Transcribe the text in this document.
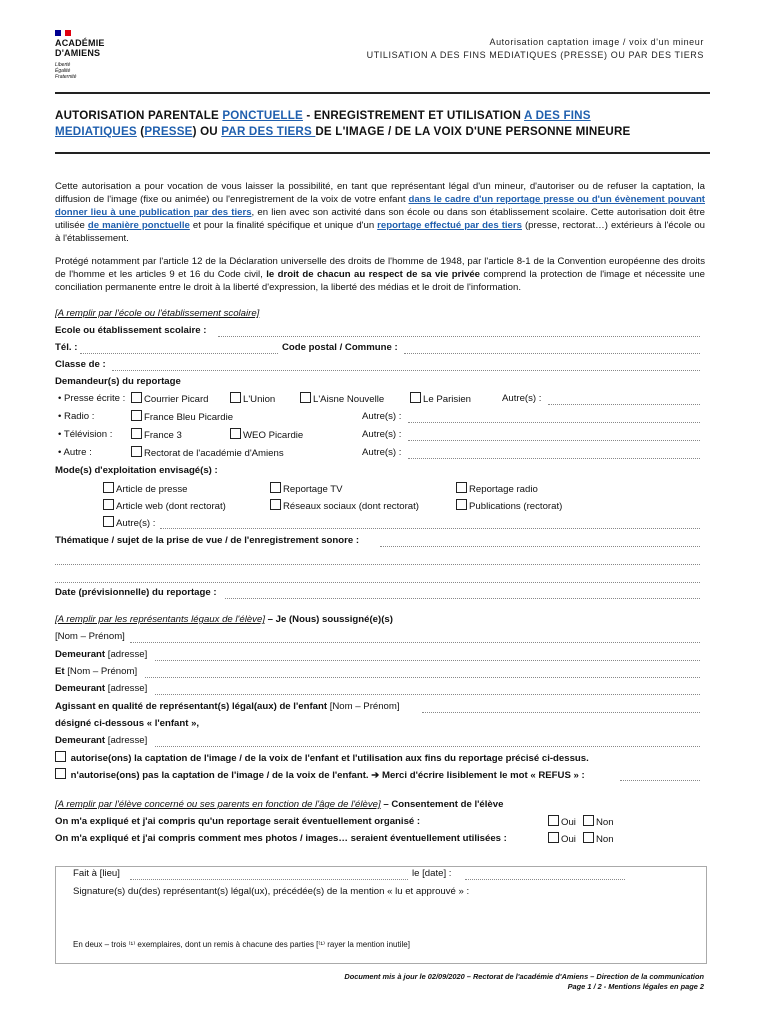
ACADÉMIE
D'AMIENS
Liberté
Égalité
Fraternité
Autorisation captation image / voix d'un mineur
UTILISATION A DES FINS MEDIATIQUES (PRESSE) OU PAR DES TIERS
AUTORISATION PARENTALE PONCTUELLE - ENREGISTREMENT ET UTILISATION A DES FINS
MEDIATIQUES (PRESSE) OU PAR DES TIERS DE L'IMAGE / DE LA VOIX D'UNE PERSONNE MINEURE
Cette autorisation a pour vocation de vous laisser la possibilité, en tant que représentant légal d'un mineur, d'autoriser ou de refuser la captation, la diffusion de l'image (fixe ou animée) ou l'enregistrement de la voix de votre enfant dans le cadre d'un reportage presse ou d'un évènement pouvant donner lieu à une publication par des tiers, en lien avec son activité dans son école ou dans son établissement scolaire. Cette autorisation doit être utilisée de manière ponctuelle et pour la finalité spécifique et unique d'un reportage effectué par des tiers (presse, rectorat…) extérieurs à l'école ou à l'établissement.
Protégé notamment par l'article 12 de la Déclaration universelle des droits de l'homme de 1948, par l'article 8-1 de la Convention européenne des droits de l'homme et les articles 9 et 16 du Code civil, le droit de chacun au respect de sa vie privée comprend la protection de l'image et nécessite une conciliation permanente entre le droit à la liberté d'expression, la liberté des médias et le droit de l'information.
[A remplir par l'école ou l'établissement scolaire]
Ecole ou établissement scolaire :
Tél. :	Code postal / Commune :
Classe de :
Demandeur(s) du reportage
• Presse écrite :	Courrier Picard	L'Union	L'Aisne Nouvelle	Le Parisien	Autre(s) :
• Radio :	France Bleu Picardie	Autre(s) :
• Télévision :	France 3	WEO Picardie	Autre(s) :
• Autre :	Rectorat de l'académie d'Amiens	Autre(s) :
Mode(s) d'exploitation envisagé(s) :
Article de presse	Reportage TV	Reportage radio
Article web (dont rectorat)	Réseaux sociaux (dont rectorat)	Publications (rectorat)
Autre(s) :
Thématique / sujet de la prise de vue / de l'enregistrement sonore :
Date (prévisionnelle) du reportage :
[A remplir par les représentants légaux de l'élève] – Je (Nous) soussigné(e)(s)
[Nom – Prénom]
Demeurant [adresse]
Et [Nom – Prénom]
Demeurant [adresse]
Agissant en qualité de représentant(s) légal(aux) de l'enfant [Nom – Prénom]
désigné ci-dessous « l'enfant »,
Demeurant [adresse]
autorise(ons) la captation de l'image / de la voix de l'enfant et l'utilisation aux fins du reportage précisé ci-dessus.
n'autorise(ons) pas la captation de l'image / de la voix de l'enfant. ➔ Merci d'écrire lisiblement le mot « REFUS » :
[A remplir par l'élève concerné ou ses parents en fonction de l'âge de l'élève] – Consentement de l'élève
On m'a expliqué et j'ai compris qu'un reportage serait éventuellement organisé :	Oui	Non
On m'a expliqué et j'ai compris comment mes photos / images… seraient éventuellement utilisées :	Oui	Non
Fait à [lieu]	le [date] :
Signature(s) du(des) représentant(s) légal(ux), précédée(s) de la mention « lu et approuvé » :
En deux – trois ⁽¹⁾ exemplaires, dont un remis à chacune des parties [⁽¹⁾ rayer la mention inutile]
Document mis à jour le 02/09/2020 – Rectorat de l'académie d'Amiens – Direction de la communication
Page 1 / 2 - Mentions légales en page 2
